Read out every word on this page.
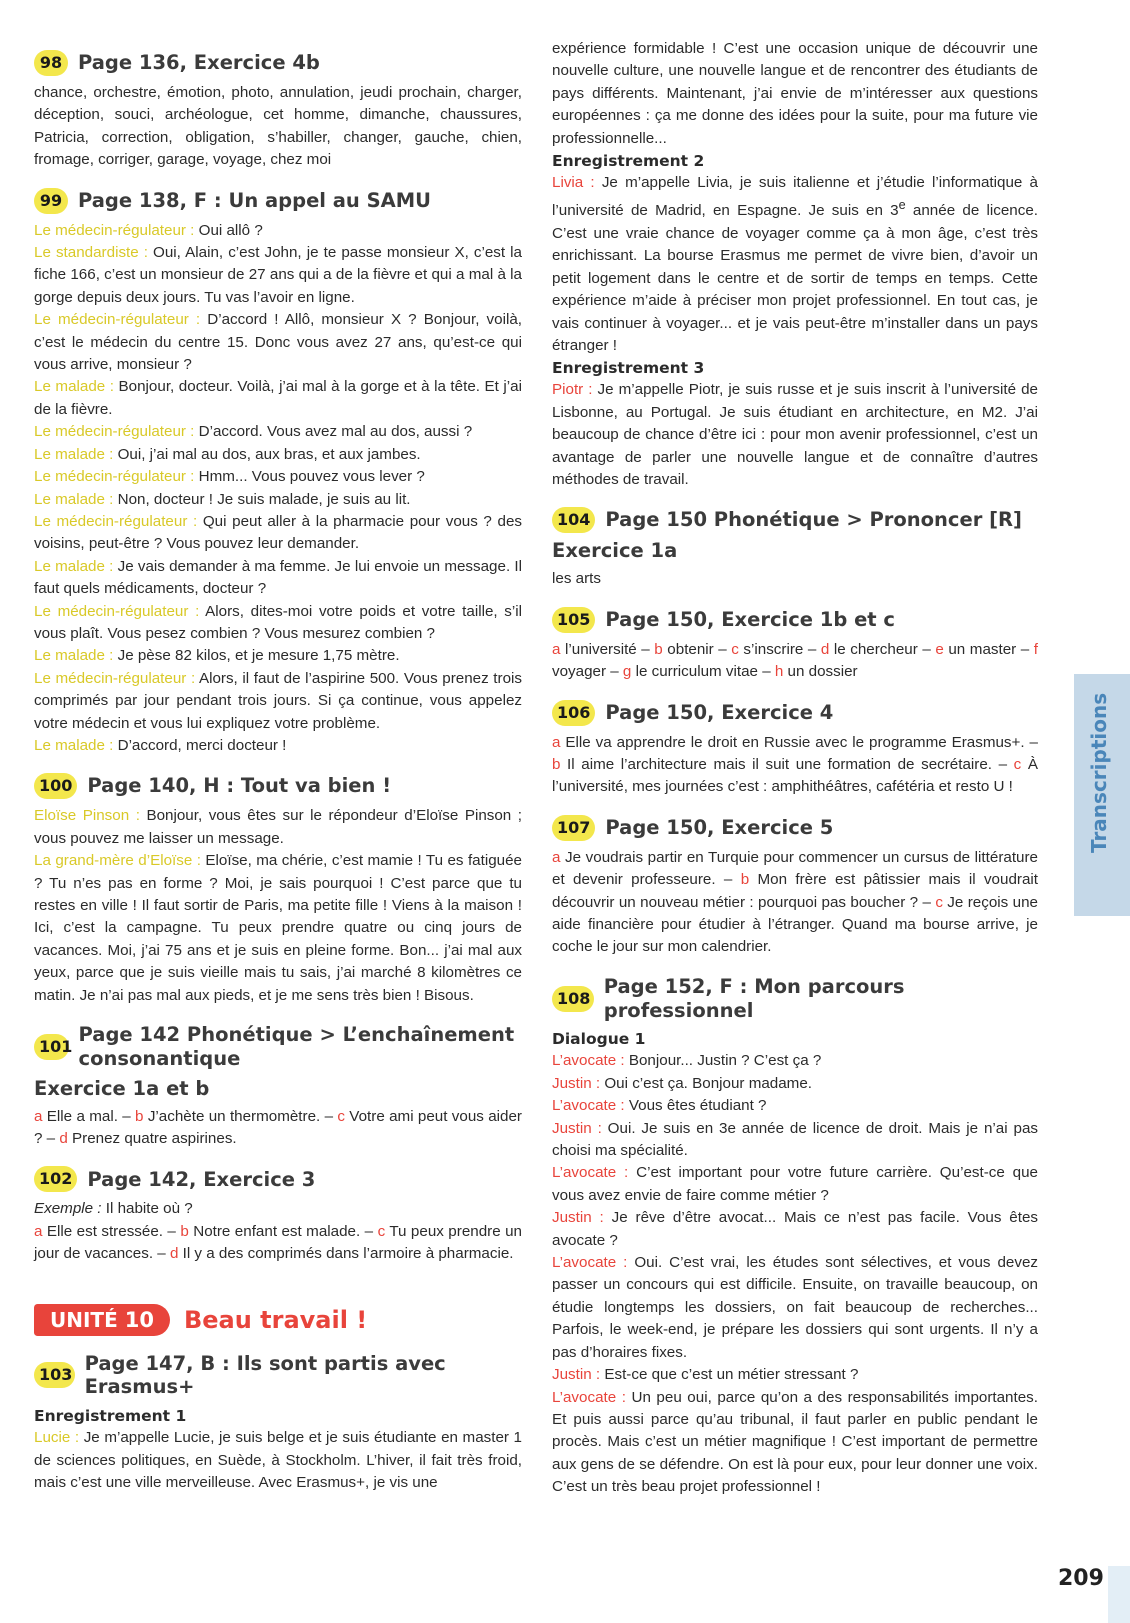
98 Page 136, Exercice 4b

chance, orchestre, émotion, photo, annulation, jeudi prochain, charger, déception, souci, archéologue, cet homme, dimanche, chaussures, Patricia, correction, obligation, s’habiller, changer, gauche, chien, fromage, corriger, garage, voyage, chez moi

99 Page 138, F : Un appel au SAMU

Le médecin-régulateur : Oui allô ?

Le standardiste : Oui, Alain, c’est John, je te passe monsieur X, c’est la fiche 166, c’est un monsieur de 27 ans qui a de la fièvre et qui a mal à la gorge depuis deux jours. Tu vas l’avoir en ligne.

Le médecin-régulateur : D’accord ! Allô, monsieur X ? Bonjour, voilà, c’est le médecin du centre 15. Donc vous avez 27 ans, qu’est-ce qui vous arrive, monsieur ?

Le malade : Bonjour, docteur. Voilà, j’ai mal à la gorge et à la tête. Et j’ai de la fièvre.

Le médecin-régulateur : D’accord. Vous avez mal au dos, aussi ?

Le malade : Oui, j’ai mal au dos, aux bras, et aux jambes.

Le médecin-régulateur : Hmm... Vous pouvez vous lever ?

Le malade : Non, docteur ! Je suis malade, je suis au lit.

Le médecin-régulateur : Qui peut aller à la pharmacie pour vous ? des voisins, peut-être ? Vous pouvez leur demander.

Le malade : Je vais demander à ma femme. Je lui envoie un message. Il faut quels médicaments, docteur ?

Le médecin-régulateur : Alors, dites-moi votre poids et votre taille, s’il vous plaît. Vous pesez combien ? Vous mesurez combien ?

Le malade : Je pèse 82 kilos, et je mesure 1,75 mètre.

Le médecin-régulateur : Alors, il faut de l’aspirine 500. Vous prenez trois comprimés par jour pendant trois jours. Si ça continue, vous appelez votre médecin et vous lui expliquez votre problème.

Le malade : D’accord, merci docteur !

100 Page 140, H : Tout va bien !

Eloïse Pinson : Bonjour, vous êtes sur le répondeur d’Eloïse Pinson ; vous pouvez me laisser un message.

La grand-mère d’Eloïse : Eloïse, ma chérie, c’est mamie ! Tu es fatiguée ? Tu n’es pas en forme ? Moi, je sais pourquoi ! C’est parce que tu restes en ville ! Il faut sortir de Paris, ma petite fille ! Viens à la maison ! Ici, c’est la campagne. Tu peux prendre quatre ou cinq jours de vacances. Moi, j’ai 75 ans et je suis en pleine forme. Bon... j’ai mal aux yeux, parce que je suis vieille mais tu sais, j’ai marché 8 kilomètres ce matin. Je n’ai pas mal aux pieds, et je me sens très bien ! Bisous.

101
Page 142 Phonétique > L’enchaînement consonantique
Exercice 1a et b

a Elle a mal. – b J’achète un thermomètre. – c Votre ami peut vous aider ? – d Prenez quatre aspirines.

102 Page 142, Exercice 3

Exemple : Il habite où ?

a Elle est stressée. – b Notre enfant est malade. – c Tu peux prendre un jour de vacances. – d Il y a des comprimés dans l’armoire à pharmacie.

UNITÉ 10	Beau travail !
103
Page 147, B : Ils sont partis avec Erasmus+
Enregistrement 1

Lucie : Je m’appelle Lucie, je suis belge et je suis étudiante en master 1 de sciences politiques, en Suède, à Stockholm. L’hiver, il fait très froid, mais c’est une ville merveilleuse. Avec Erasmus+, je vis une

expérience formidable ! C’est une occasion unique de découvrir une nouvelle culture, une nouvelle langue et de rencontrer des étudiants de pays différents. Maintenant, j’ai envie de m’intéresser aux questions européennes : ça me donne des idées pour la suite, pour ma future vie professionnelle...

Enregistrement 2

Livia : Je m’appelle Livia, je suis italienne et j’étudie l’informatique à l’université de Madrid, en Espagne. Je suis en 3e année de licence. C’est une vraie chance de voyager comme ça à mon âge, c’est très enrichissant. La bourse Erasmus me permet de vivre bien, d’avoir un petit logement dans le centre et de sortir de temps en temps. Cette expérience m’aide à préciser mon projet professionnel. En tout cas, je vais continuer à voyager... et je vais peut-être m’installer dans un pays étranger !

Enregistrement 3

Piotr : Je m’appelle Piotr, je suis russe et je suis inscrit à l’université de Lisbonne, au Portugal. Je suis étudiant en architecture, en M2. J’ai beaucoup de chance d’être ici : pour mon avenir professionnel, c’est un avantage de parler une nouvelle langue et de connaître d’autres méthodes de travail.

104 Page 150 Phonétique > Prononcer [R]
Exercice 1a

les arts

105 Page 150, Exercice 1b et c

a l’université – b obtenir – c s’inscrire – d le chercheur – e un master – f voyager – g le curriculum vitae – h un dossier

106 Page 150, Exercice 4

a Elle va apprendre le droit en Russie avec le programme Erasmus+. – b Il aime l’architecture mais il suit une formation de secrétaire. – c À l’université, mes journées c’est : amphithéâtres, cafétéria et resto U !

107 Page 150, Exercice 5

a Je voudrais partir en Turquie pour commencer un cursus de littérature et devenir professeure. – b Mon frère est pâtissier mais il voudrait découvrir un nouveau métier : pourquoi pas boucher ? – c Je reçois une aide financière pour étudier à l’étranger. Quand ma bourse arrive, je coche le jour sur mon calendrier.

108
Page 152, F : Mon parcours professionnel
Dialogue 1

L’avocate : Bonjour... Justin ? C’est ça ?

Justin : Oui c’est ça. Bonjour madame.

L’avocate : Vous êtes étudiant ?

Justin : Oui. Je suis en 3e année de licence de droit. Mais je n’ai pas choisi ma spécialité.

L’avocate : C’est important pour votre future carrière. Qu’est-ce que vous avez envie de faire comme métier ?

Justin : Je rêve d’être avocat... Mais ce n’est pas facile. Vous êtes avocate ?

L’avocate : Oui. C’est vrai, les études sont sélectives, et vous devez passer un concours qui est difficile. Ensuite, on travaille beaucoup, on étudie longtemps les dossiers, on fait beaucoup de recherches... Parfois, le week-end, je prépare les dossiers qui sont urgents. Il n’y a pas d’horaires fixes.

Justin : Est-ce que c’est un métier stressant ?

L’avocate : Un peu oui, parce qu’on a des responsabilités importantes. Et puis aussi parce qu’au tribunal, il faut parler en public pendant le procès. Mais c’est un métier magnifique ! C’est important de permettre aux gens de se défendre. On est là pour eux, pour leur donner une voix. C’est un très beau projet professionnel !

Transcriptions
209
